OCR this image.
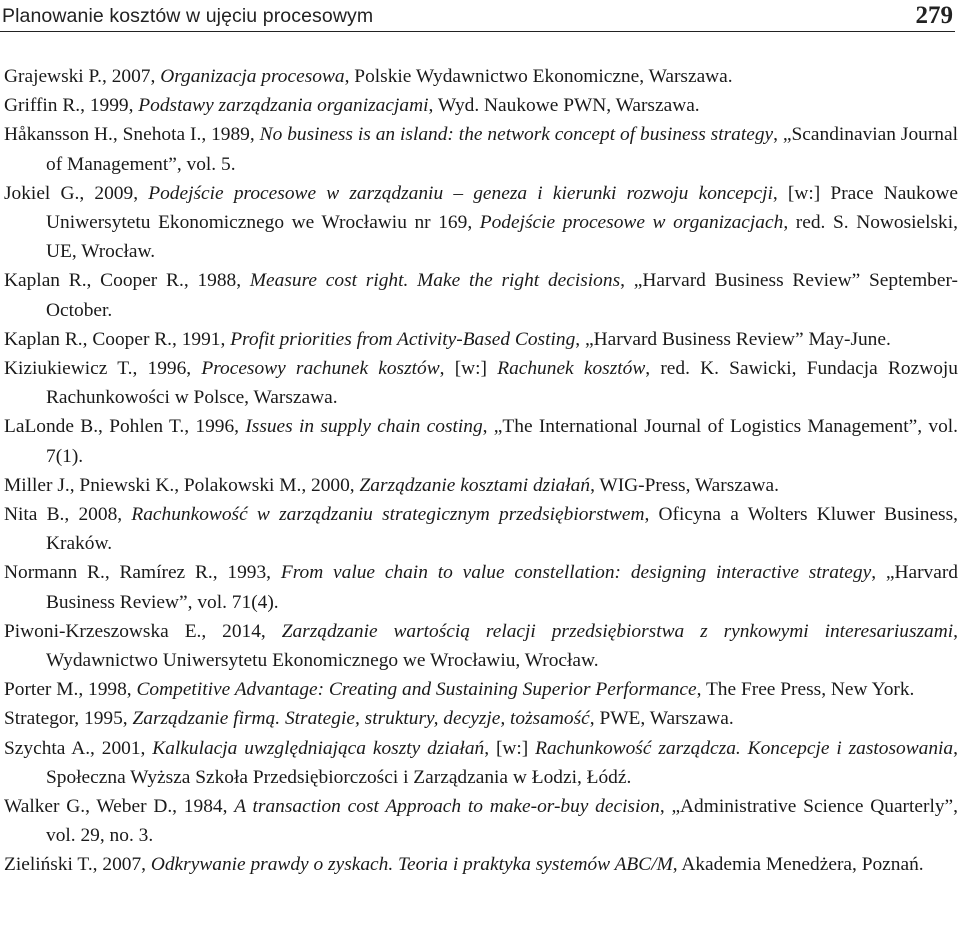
Planowanie kosztów w ujęciu procesowym	279
Grajewski P., 2007, Organizacja procesowa, Polskie Wydawnictwo Ekonomiczne, Warszawa.
Griffin R., 1999, Podstawy zarządzania organizacjami, Wyd. Naukowe PWN, Warszawa.
Håkansson H., Snehota I., 1989, No business is an island: the network concept of business strategy, „Scandinavian Journal of Management”, vol. 5.
Jokiel G., 2009, Podejście procesowe w zarządzaniu – geneza i kierunki rozwoju koncepcji, [w:] Prace Naukowe Uniwersytetu Ekonomicznego we Wrocławiu nr 169, Podejście procesowe w organizacjach, red. S. Nowosielski, UE, Wrocław.
Kaplan R., Cooper R., 1988, Measure cost right. Make the right decisions, „Harvard Business Review” September-October.
Kaplan R., Cooper R., 1991, Profit priorities from Activity-Based Costing, „Harvard Business Review” May-June.
Kiziukiewicz T., 1996, Procesowy rachunek kosztów, [w:] Rachunek kosztów, red. K. Sawicki, Fundacja Rozwoju Rachunkowości w Polsce, Warszawa.
LaLonde B., Pohlen T., 1996, Issues in supply chain costing, „The International Journal of Logistics Management”, vol. 7(1).
Miller J., Pniewski K., Polakowski M., 2000, Zarządzanie kosztami działań, WIG-Press, Warszawa.
Nita B., 2008, Rachunkowość w zarządzaniu strategicznym przedsiębiorstwem, Oficyna a Wolters Kluwer Business, Kraków.
Normann R., Ramírez R., 1993, From value chain to value constellation: designing interactive strategy, „Harvard Business Review”, vol. 71(4).
Piwoni-Krzeszowska E., 2014, Zarządzanie wartością relacji przedsiębiorstwa z rynkowymi interesariuszami, Wydawnictwo Uniwersytetu Ekonomicznego we Wrocławiu, Wrocław.
Porter M., 1998, Competitive Advantage: Creating and Sustaining Superior Performance, The Free Press, New York.
Strategor, 1995, Zarządzanie firmą. Strategie, struktury, decyzje, tożsamość, PWE, Warszawa.
Szychta A., 2001, Kalkulacja uwzględniająca koszty działań, [w:] Rachunkowość zarządcza. Koncepcje i zastosowania, Społeczna Wyższa Szkoła Przedsiębiorczości i Zarządzania w Łodzi, Łódź.
Walker G., Weber D., 1984, A transaction cost Approach to make-or-buy decision, „Administrative Science Quarterly”, vol. 29, no. 3.
Zieliński T., 2007, Odkrywanie prawdy o zyskach. Teoria i praktyka systemów ABC/M, Akademia Menedżera, Poznań.
